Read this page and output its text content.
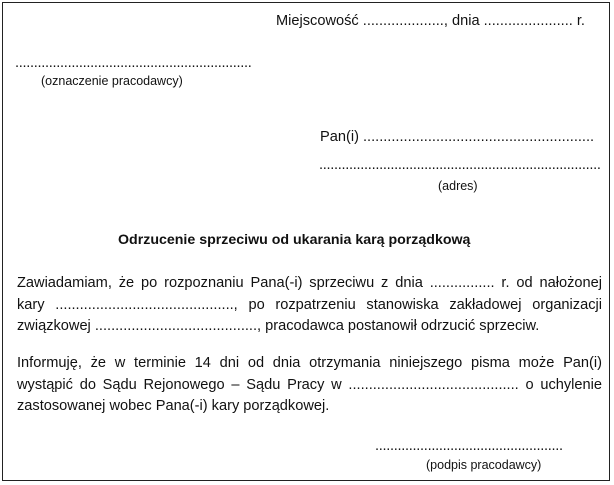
Miejscowość ...................., dnia ...................... r.
...............................................................
(oznaczenie pracodawcy)
Pan(i) .........................................................
...........................................................................
(adres)
Odrzucenie sprzeciwu od ukarania karą porządkową
Zawiadamiam, że po rozpoznaniu Pana(-i) sprzeciwu z dnia ................ r. od nałożonej kary ............................................, po rozpatrzeniu stanowiska zakładowej organizacji związkowej ........................................, pracodawca postanowił odrzucić sprzeciw.
Informuję, że w terminie 14 dni od dnia otrzymania niniejszego pisma może Pan(i) wystąpić do Sądu Rejonowego – Sądu Pracy w .......................................... o uchylenie zastosowanej wobec Pana(-i) kary porządkowej.
..................................................
(podpis pracodawcy)
